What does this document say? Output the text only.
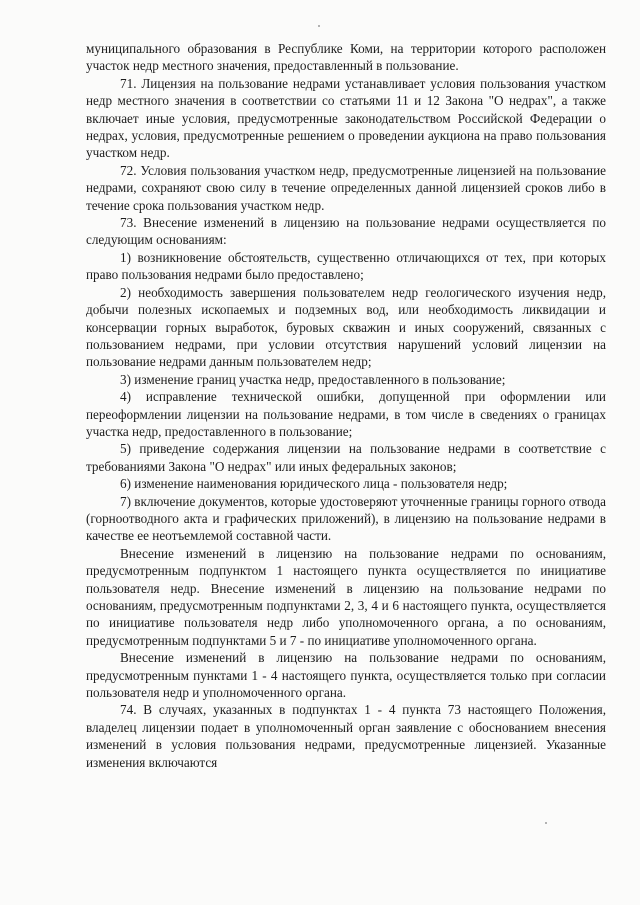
муниципального образования в Республике Коми, на территории которого расположен участок недр местного значения, предоставленный в пользование.

71. Лицензия на пользование недрами устанавливает условия пользования участком недр местного значения в соответствии со статьями 11 и 12 Закона "О недрах", а также включает иные условия, предусмотренные законодательством Российской Федерации о недрах, условия, предусмотренные решением о проведении аукциона на право пользования участком недр.

72. Условия пользования участком недр, предусмотренные лицензией на пользование недрами, сохраняют свою силу в течение определенных данной лицензией сроков либо в течение срока пользования участком недр.

73. Внесение изменений в лицензию на пользование недрами осуществляется по следующим основаниям:

1) возникновение обстоятельств, существенно отличающихся от тех, при которых право пользования недрами было предоставлено;

2) необходимость завершения пользователем недр геологического изучения недр, добычи полезных ископаемых и подземных вод, или необходимость ликвидации и консервации горных выработок, буровых скважин и иных сооружений, связанных с пользованием недрами, при условии отсутствия нарушений условий лицензии на пользование недрами данным пользователем недр;

3) изменение границ участка недр, предоставленного в пользование;

4) исправление технической ошибки, допущенной при оформлении или переоформлении лицензии на пользование недрами, в том числе в сведениях о границах участка недр, предоставленного в пользование;

5) приведение содержания лицензии на пользование недрами в соответствие с требованиями Закона "О недрах" или иных федеральных законов;

6) изменение наименования юридического лица - пользователя недр;

7) включение документов, которые удостоверяют уточненные границы горного отвода (горноотводного акта и графических приложений), в лицензию на пользование недрами в качестве ее неотъемлемой составной части.

Внесение изменений в лицензию на пользование недрами по основаниям, предусмотренным подпунктом 1 настоящего пункта осуществляется по инициативе пользователя недр. Внесение изменений в лицензию на пользование недрами по основаниям, предусмотренным подпунктами 2, 3, 4 и 6 настоящего пункта, осуществляется по инициативе пользователя недр либо уполномоченного органа, а по основаниям, предусмотренным подпунктами 5 и 7 - по инициативе уполномоченного органа.

Внесение изменений в лицензию на пользование недрами по основаниям, предусмотренным пунктами 1 - 4 настоящего пункта, осуществляется только при согласии пользователя недр и уполномоченного органа.

74. В случаях, указанных в подпунктах 1 - 4 пункта 73 настоящего Положения, владелец лицензии подает в уполномоченный орган заявление с обоснованием внесения изменений в условия пользования недрами, предусмотренные лицензией. Указанные изменения включаются
